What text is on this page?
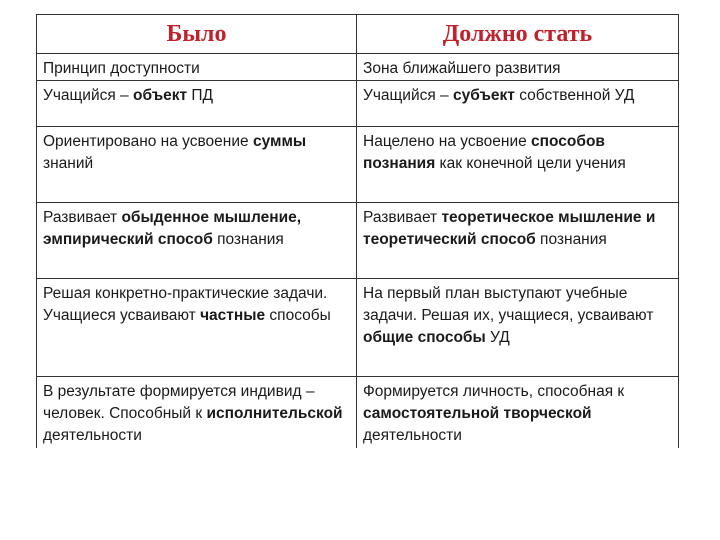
Было	Должно стать
Принцип доступности	Зона ближайшего развития
Учащийся – объект ПД	Учащийся – субъект собственной УД
Ориентировано на усвоение суммы знаний	Нацелено на усвоение способов познания как конечной цели учения
Развивает обыденное мышление, эмпирический способ познания	Развивает теоретическое мышление и теоретический способ познания
Решая конкретно-практические задачи. Учащиеся усваивают частные способы	На первый план выступают учебные задачи. Решая их, учащиеся, усваивают общие способы УД
В результате формируется индивид – человек. Способный к исполнительской деятельности	Формируется личность, способная к самостоятельной творческой деятельности
